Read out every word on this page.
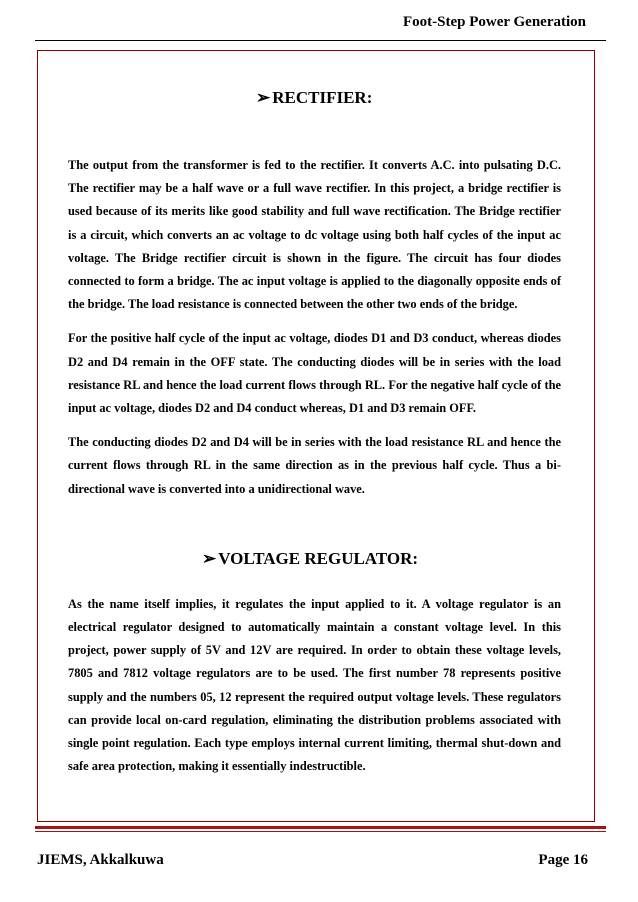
Foot-Step Power Generation
➢ RECTIFIER:

The output from the transformer is fed to the rectifier. It converts A.C. into pulsating D.C. The rectifier may be a half wave or a full wave rectifier. In this project, a bridge rectifier is used because of its merits like good stability and full wave rectification. The Bridge rectifier is a circuit, which converts an ac voltage to dc voltage using both half cycles of the input ac voltage. The Bridge rectifier circuit is shown in the figure. The circuit has four diodes connected to form a bridge. The ac input voltage is applied to the diagonally opposite ends of the bridge. The load resistance is connected between the other two ends of the bridge.

For the positive half cycle of the input ac voltage, diodes D1 and D3 conduct, whereas diodes D2 and D4 remain in the OFF state. The conducting diodes will be in series with the load resistance RL and hence the load current flows through RL. For the negative half cycle of the input ac voltage, diodes D2 and D4 conduct whereas, D1 and D3 remain OFF.

The conducting diodes D2 and D4 will be in series with the load resistance RL and hence the current flows through RL in the same direction as in the previous half cycle. Thus a bi-directional wave is converted into a unidirectional wave.

➢ VOLTAGE REGULATOR:

As the name itself implies, it regulates the input applied to it. A voltage regulator is an electrical regulator designed to automatically maintain a constant voltage level. In this project, power supply of 5V and 12V are required. In order to obtain these voltage levels, 7805 and 7812 voltage regulators are to be used. The first number 78 represents positive supply and the numbers 05, 12 represent the required output voltage levels. These regulators can provide local on-card regulation, eliminating the distribution problems associated with single point regulation. Each type employs internal current limiting, thermal shut-down and safe area protection, making it essentially indestructible.

JIEMS, Akkalkuwa	Page 16
